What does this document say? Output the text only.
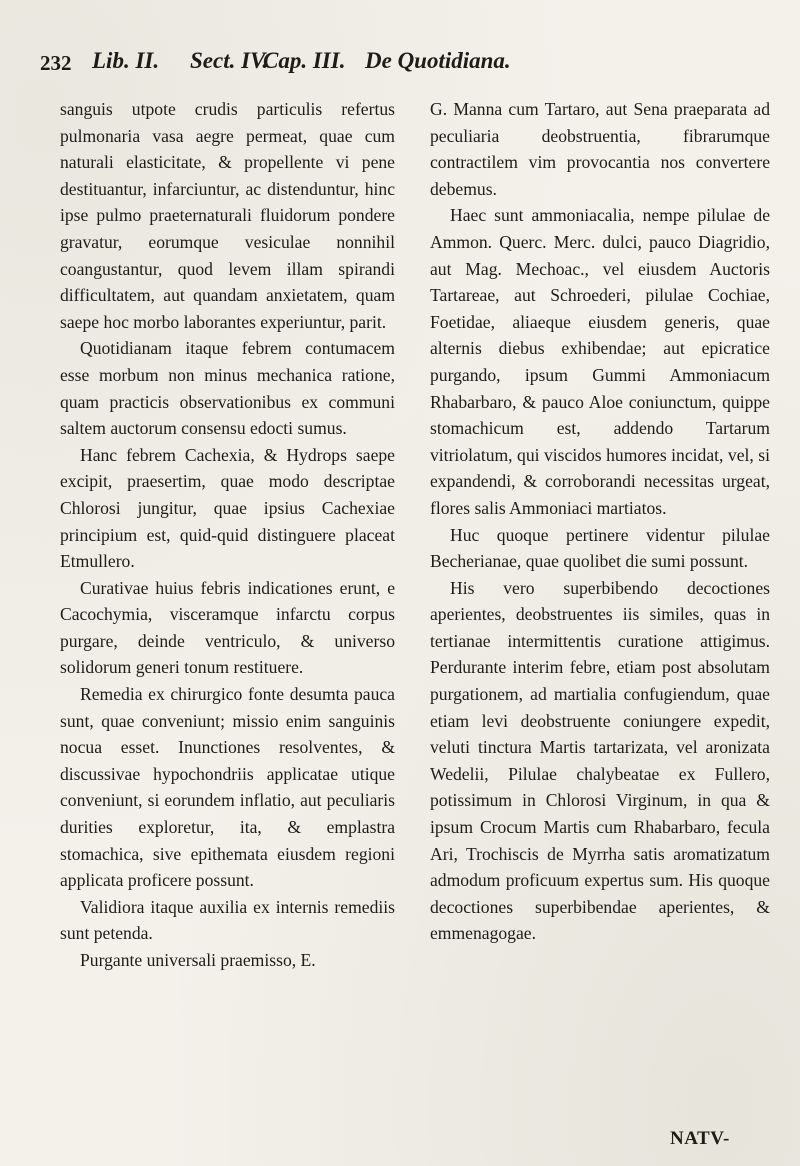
232 Lib. II. Sect. IV.
Cap. III. De Quotidiana.

sanguis utpote crudis particulis refertus pulmonaria vasa aegre permeat, quae cum naturali elasticitate, & propellente vi pene destituantur, infarciuntur, ac distenduntur, hinc ipse pulmo praeternaturali fluidorum pondere gravatur, eorumque vesiculae nonnihil coangustantur, quod levem illam spirandi difficultatem, aut quandam anxietatem, quam saepe hoc morbo laborantes experiuntur, parit.

Quotidianam itaque febrem contumacem esse morbum non minus mechanica ratione, quam practicis observationibus ex communi saltem auctorum consensu edocti sumus.

Hanc febrem Cachexia, & Hydrops saepe excipit, praesertim, quae modo descriptae Chlorosi jungitur, quae ipsius Cachexiae principium est, quid-quid distinguere placeat Etmullero.

Curativae huius febris indicationes erunt, e Cacochymia, visceramque infarctu corpus purgare, deinde ventriculo, & universo solidorum generi tonum restituere.

Remedia ex chirurgico fonte desumta pauca sunt, quae conveniunt; missio enim sanguinis nocua esset. Inunctiones resolventes, & discussivae hypochondriis applicatae utique conveniunt, si eorundem inflatio, aut peculiaris durities exploretur, ita, & emplastra stomachica, sive epithemata eiusdem regioni applicata proficere possunt.

Validiora itaque auxilia ex internis remediis sunt petenda.

Purgante universali praemisso, E.

G. Manna cum Tartaro, aut Sena praeparata ad peculiaria deobstruentia, fibrarumque contractilem vim provocantia nos convertere debemus.

Haec sunt ammoniacalia, nempe pilulae de Ammon. Querc. Merc. dulci, pauco Diagridio, aut Mag. Mechoac., vel eiusdem Auctoris Tartareae, aut Schroederi, pilulae Cochiae, Foetidae, aliaeque eiusdem generis, quae alternis diebus exhibendae; aut epicratice purgando, ipsum Gummi Ammoniacum Rhabarbaro, & pauco Aloe coniunctum, quippe stomachicum est, addendo Tartarum vitriolatum, qui viscidos humores incidat, vel, si expandendi, & corroborandi necessitas urgeat, flores salis Ammoniaci martiatos.

Huc quoque pertinere videntur pilulae Becherianae, quae quolibet die sumi possunt.

His vero superbibendo decoctiones aperientes, deobstruentes iis similes, quas in tertianae intermittentis curatione attigimus. Perdurante interim febre, etiam post absolutam purgationem, ad martialia confugiendum, quae etiam levi deobstruente coniungere expedit, veluti tinctura Martis tartarizata, vel aronizata Wedelii, Pilulae chalybeatae ex Fullero, potissimum in Chlorosi Virginum, in qua & ipsum Crocum Martis cum Rhabarbaro, fecula Ari, Trochiscis de Myrrha satis aromatizatum admodum proficuum expertus sum. His quoque decoctiones superbibendae aperientes, & emmenagogae.

NATV-
